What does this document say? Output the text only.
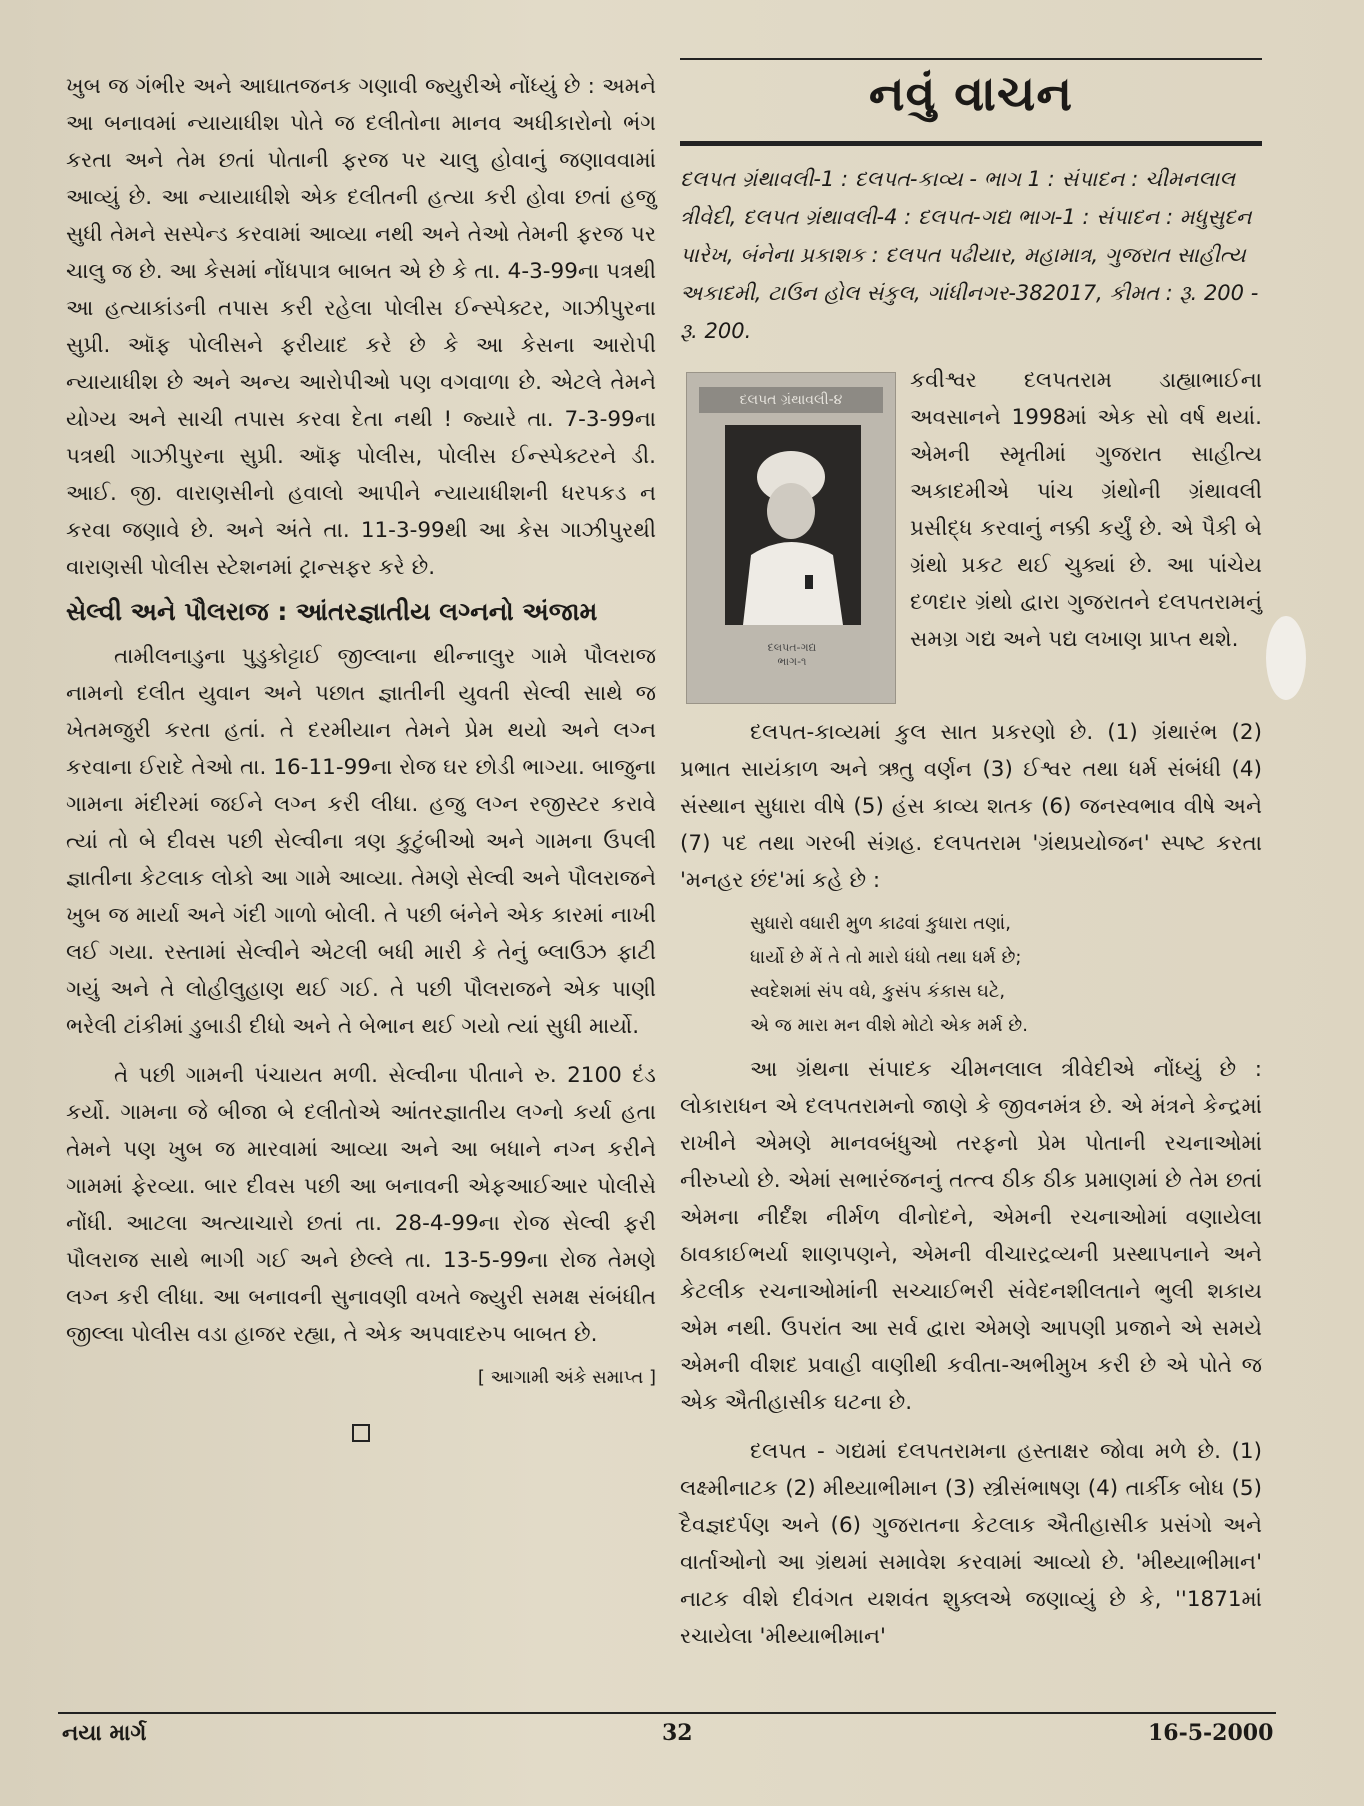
ખુબ જ ગંભીર અને આઘાતજનક ગણાવી જ્યુરીએ નોંધ્યું છે : અમને આ બનાવમાં ન્યાયાધીશ પોતે જ દલીતોના માનવ અધીકારોનો ભંગ કરતા અને તેમ છતાં પોતાની ફરજ પર ચાલુ હોવાનું જણાવવામાં આવ્યું છે. આ ન્યાયાધીશે એક દલીતની હત્યા કરી હોવા છતાં હજુ સુધી તેમને સસ્પેન્ડ કરવામાં આવ્યા નથી અને તેઓ તેમની ફરજ પર ચાલુ જ છે. આ કેસમાં નોંધપાત્ર બાબત એ છે કે તા. 4-3-99ના પત્રથી આ હત્યાકાંડની તપાસ કરી રહેલા પોલીસ ઈન્સ્પેક્ટર, ગાઝીપુરના સુપ્રી. ઑફ પોલીસને ફરીયાદ કરે છે કે આ કેસના આરોપી ન્યાયાધીશ છે અને અન્ય આરોપીઓ પણ વગવાળા છે. એટલે તેમને યોગ્ય અને સાચી તપાસ કરવા દેતા નથી ! જ્યારે તા. 7-3-99ના પત્રથી ગાઝીપુરના સુપ્રી. ઑફ પોલીસ, પોલીસ ઈન્સ્પેક્ટરને ડી. આઈ. જી. વારાણસીનો હવાલો આપીને ન્યાયાધીશની ધરપકડ ન કરવા જણાવે છે. અને અંતે તા. 11-3-99થી આ કેસ ગાઝીપુરથી વારાણસી પોલીસ સ્ટેશનમાં ટ્રાન્સફર કરે છે.

સેલ્વી અને પૌલરાજ : આંતરજ્ઞાતીય લગ્નનો અંજામ

તામીલનાડુના પુડુકોટ્ટાઈ જીલ્લાના થીન્નાલુર ગામે પૌલરાજ નામનો દલીત યુવાન અને પછાત જ્ઞાતીની યુવતી સેલ્વી સાથે જ ખેતમજુરી કરતા હતાં. તે દરમીયાન તેમને પ્રેમ થયો અને લગ્ન કરવાના ઈરાદે તેઓ તા. 16-11-99ના રોજ ઘર છોડી ભાગ્યા. બાજુના ગામના મંદીરમાં જઈને લગ્ન કરી લીધા. હજુ લગ્ન રજીસ્ટર કરાવે ત્યાં તો બે દીવસ પછી સેલ્વીના ત્રણ કુટુંબીઓ અને ગામના ઉપલી જ્ઞાતીના કેટલાક લોકો આ ગામે આવ્યા. તેમણે સેલ્વી અને પૌલરાજને ખુબ જ માર્યા અને ગંદી ગાળો બોલી. તે પછી બંનેને એક કારમાં નાખી લઈ ગયા. રસ્તામાં સેલ્વીને એટલી બધી મારી કે તેનું બ્લાઉઝ ફાટી ગયું અને તે લોહીલુહાણ થઈ ગઈ. તે પછી પૌલરાજને એક પાણી ભરેલી ટાંકીમાં ડુબાડી દીધો અને તે બેભાન થઈ ગયો ત્યાં સુધી માર્યો.

તે પછી ગામની પંચાયત મળી. સેલ્વીના પીતાને રુ. 2100 દંડ કર્યો. ગામના જે બીજા બે દલીતોએ આંતરજ્ઞાતીય લગ્નો કર્યા હતા તેમને પણ ખુબ જ મારવામાં આવ્યા અને આ બધાને નગ્ન કરીને ગામમાં ફેરવ્યા. બાર દીવસ પછી આ બનાવની એફઆઈઆર પોલીસે નોંધી. આટલા અત્યાચારો છતાં તા. 28-4-99ના રોજ સેલ્વી ફરી પૌલરાજ સાથે ભાગી ગઈ અને છેલ્લે તા. 13-5-99ના રોજ તેમણે લગ્ન કરી લીધા. આ બનાવની સુનાવણી વખતે જ્યુરી સમક્ષ સંબંધીત જીલ્લા પોલીસ વડા હાજર રહ્યા, તે એક અપવાદરુપ બાબત છે.

[ આગામી અંકે સમાપ્ત ]
નવું વાચન
દલપત ગ્રંથાવલી-1 : દલપત-કાવ્ય - ભાગ 1 : સંપાદન : ચીમનલાલ ત્રીવેદી, દલપત ગ્રંથાવલી-4 : દલપત-ગદ્ય ભાગ-1 : સંપાદન : મધુસુદન પારેખ, બંનેના પ્રકાશક : દલપત પઢીયાર, મહામાત્ર, ગુજરાત સાહીત્ય અકાદમી, ટાઉન હોલ સંકુલ, ગાંધીનગર-382017, કીમત : રૂ. 200 - રૂ. 200.
દલપત ગ્રંથાવલી-૪
દલપત-ગદ્ય ભાગ-૧
કવીશ્વર દલપતરામ ડાહ્યાભાઈના અવસાનને 1998માં એક સો વર્ષ થયાં. એમની સ્મૃતીમાં ગુજરાત સાહીત્ય અકાદમીએ પાંચ ગ્રંથોની ગ્રંથાવલી પ્રસીદ્ધ કરવાનું નક્કી કર્યું છે. એ પૈકી બે ગ્રંથો પ્રકટ થઈ ચુક્યાં છે. આ પાંચેય દળદાર ગ્રંથો દ્વારા ગુજરાતને દલપતરામનું સમગ્ર ગદ્ય અને પદ્ય લખાણ પ્રાપ્ત થશે.

દલપત-કાવ્યમાં કુલ સાત પ્રકરણો છે. (1) ગ્રંથારંભ (2) પ્રભાત સાયંકાળ અને ઋતુ વર્ણન (3) ઈશ્વર તથા ધર્મ સંબંધી (4) સંસ્થાન સુધારા વીષે (5) હંસ કાવ્ય શતક (6) જનસ્વભાવ વીષે અને (7) પદ તથા ગરબી સંગ્રહ. દલપતરામ 'ગ્રંથપ્રયોજન' સ્પષ્ટ કરતા 'મનહર છંદ'માં કહે છે :

સુધારો વધારી મુળ કાઢવાં કુધારા તણાં,
ધાર્યો છે મેં તે તો મારો ધંધો તથા ધર્મ છે;
સ્વદેશમાં સંપ વધે, કુસંપ કંકાસ ઘટે,
એ જ મારા મન વીશે મોટો એક મર્મ છે.

આ ગ્રંથના સંપાદક ચીમનલાલ ત્રીવેદીએ નોંધ્યું છે : લોકારાધન એ દલપતરામનો જાણે કે જીવનમંત્ર છે. એ મંત્રને કેન્દ્રમાં રાખીને એમણે માનવબંધુઓ તરફનો પ્રેમ પોતાની રચનાઓમાં નીરુપ્યો છે. એમાં સભારંજનનું તત્ત્વ ઠીક ઠીક પ્રમાણમાં છે તેમ છતાં એમના નીર્દંશ નીર્મળ વીનોદને, એમની રચનાઓમાં વણાયેલા ઠાવકાઈભર્યા શાણપણને, એમની વીચારદ્રવ્યની પ્રસ્થાપનાને અને કેટલીક રચનાઓમાંની સચ્ચાઈભરી સંવેદનશીલતાને ભુલી શકાય એમ નથી. ઉપરાંત આ સર્વ દ્વારા એમણે આપણી પ્રજાને એ સમયે એમની વીશદ પ્રવાહી વાણીથી કવીતા-અભીમુખ કરી છે એ પોતે જ એક ઐતીહાસીક ઘટના છે.

દલપત - ગદ્યમાં દલપતરામના હસ્તાક્ષર જોવા મળે છે. (1) લક્ષ્મીનાટક (2) મીથ્યાભીમાન (3) સ્ત્રીસંભાષણ (4) તાર્કીક બોધ (5) દૈવજ્ઞદર્પણ અને (6) ગુજરાતના કેટલાક ઐતીહાસીક પ્રસંગો અને વાર્તાઓનો આ ગ્રંથમાં સમાવેશ કરવામાં આવ્યો છે. 'મીથ્યાભીમાન' નાટક વીશે દીવંગત યશવંત શુક્લએ જણાવ્યું છે કે, ''1871માં રચાયેલા 'મીથ્યાભીમાન'

નયા માર્ગ	32	16-5-2000
